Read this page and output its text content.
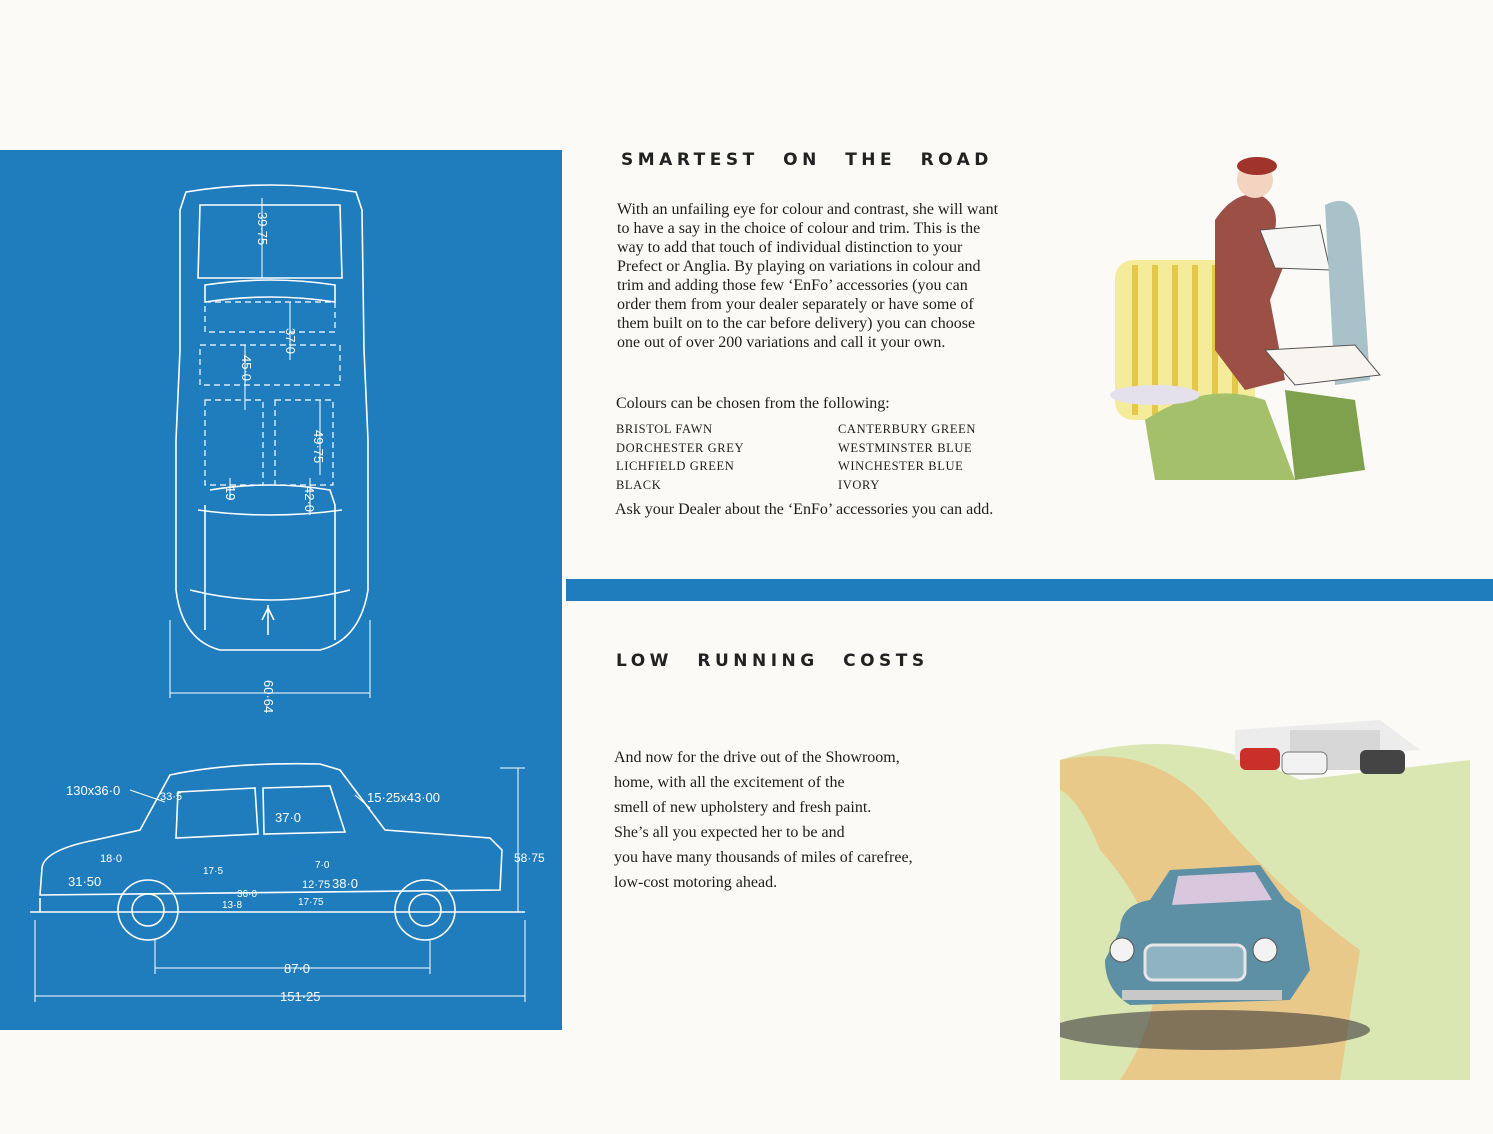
39·75
37·0
45·0
49·75
19	42·0
60·64
130x36·0	33·5	15·25x43·00
37·0
18·0
31·50
17·5
36·0
13·8
12·75
7·0
38·0
17·75
58·75
87·0
151·25
SMARTEST ON THE ROAD

With an unfailing eye for colour and contrast, she will want to have a say in the choice of colour and trim. This is the way to add that touch of individual distinction to your Prefect or Anglia. By playing on variations in colour and trim and adding those few ‘EnFo’ accessories (you can order them from your dealer separately or have some of them built on to the car before delivery) you can choose one out of over 200 variations and call it your own.

Colours can be chosen from the following:

BRISTOL FAWN	CANTERBURY GREEN
DORCHESTER GREY	WESTMINSTER BLUE
LICHFIELD GREEN	WINCHESTER BLUE
BLACK	IVORY

Ask your Dealer about the ‘EnFo’ accessories you can add.

LOW RUNNING COSTS
And now for the drive out of the Showroom,
home, with all the excitement of the
smell of new upholstery and fresh paint.
She’s all you expected her to be and
you have many thousands of miles of carefree,
low-cost motoring ahead.
